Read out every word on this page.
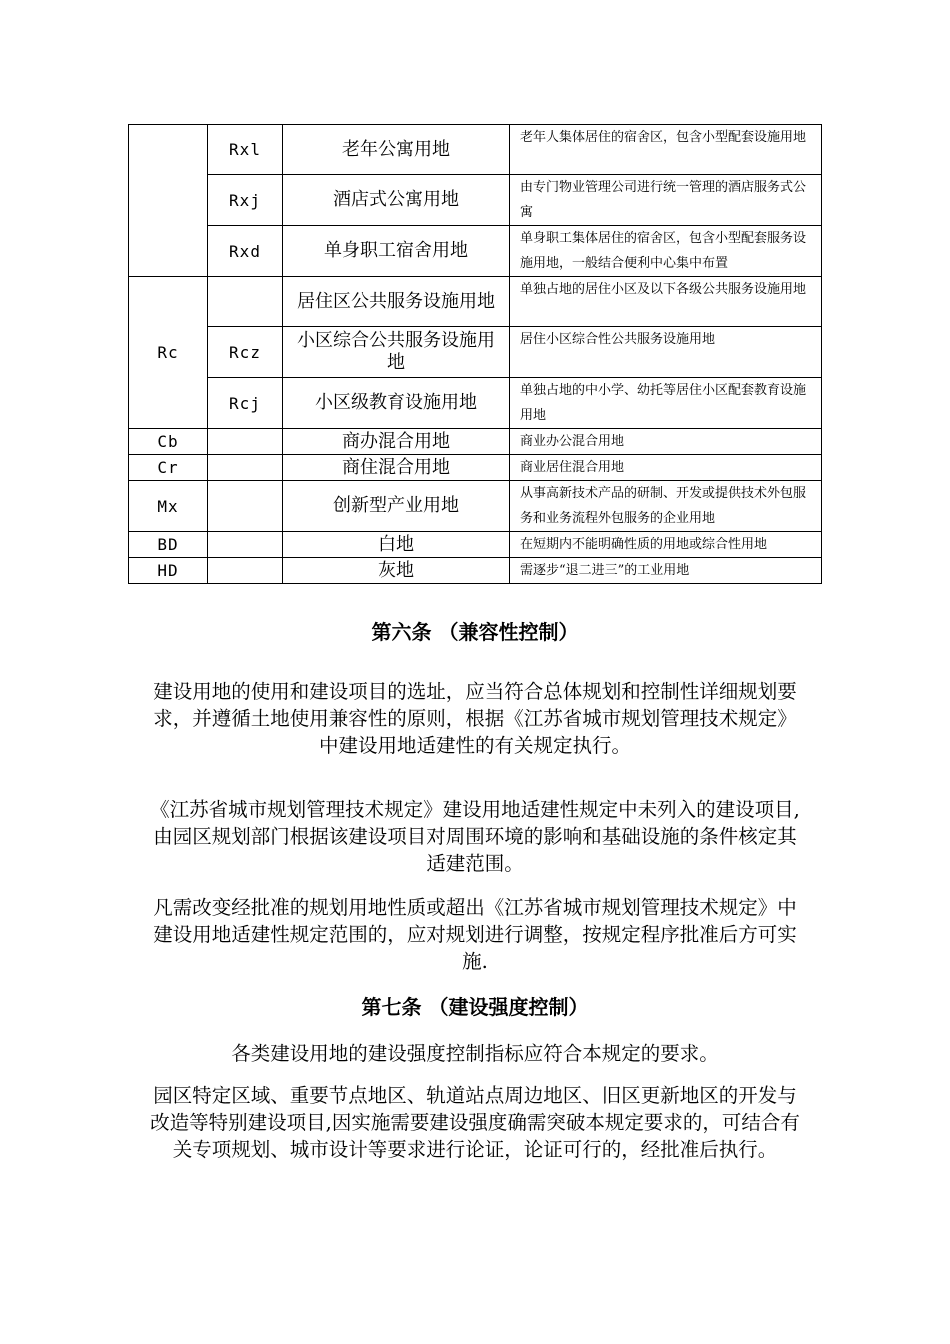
	Rxl	老年公寓用地	老年人集体居住的宿舍区，包含小型配套设施用地
	Rxj	酒店式公寓用地	由专门物业管理公司进行统一管理的酒店服务式公寓
	Rxd	单身职工宿舍用地	单身职工集体居住的宿舍区，包含小型配套服务设施用地，一般结合便利中心集中布置
Rc		居住区公共服务设施用地	单独占地的居住小区及以下各级公共服务设施用地
	Rcz	小区综合公共服务设施用地	居住小区综合性公共服务设施用地
	Rcj	小区级教育设施用地	单独占地的中小学、幼托等居住小区配套教育设施用地
Cb		商办混合用地	商业办公混合用地
Cr		商住混合用地	商业居住混合用地
Mx		创新型产业用地	从事高新技术产品的研制、开发或提供技术外包服务和业务流程外包服务的企业用地
BD		白地	在短期内不能明确性质的用地或综合性用地
HD		灰地	需逐步“退二进三”的工业用地
第六条 （兼容性控制）
建设用地的使用和建设项目的选址，应当符合总体规划和控制性详细规划要求，并遵循土地使用兼容性的原则，根据《江苏省城市规划管理技术规定》中建设用地适建性的有关规定执行。
《江苏省城市规划管理技术规定》建设用地适建性规定中未列入的建设项目,由园区规划部门根据该建设项目对周围环境的影响和基础设施的条件核定其适建范围。
凡需改变经批准的规划用地性质或超出《江苏省城市规划管理技术规定》中建设用地适建性规定范围的，应对规划进行调整，按规定程序批准后方可实施.
第七条 （建设强度控制）
各类建设用地的建设强度控制指标应符合本规定的要求。
园区特定区域、重要节点地区、轨道站点周边地区、旧区更新地区的开发与改造等特别建设项目,因实施需要建设强度确需突破本规定要求的，可结合有关专项规划、城市设计等要求进行论证，论证可行的，经批准后执行。
